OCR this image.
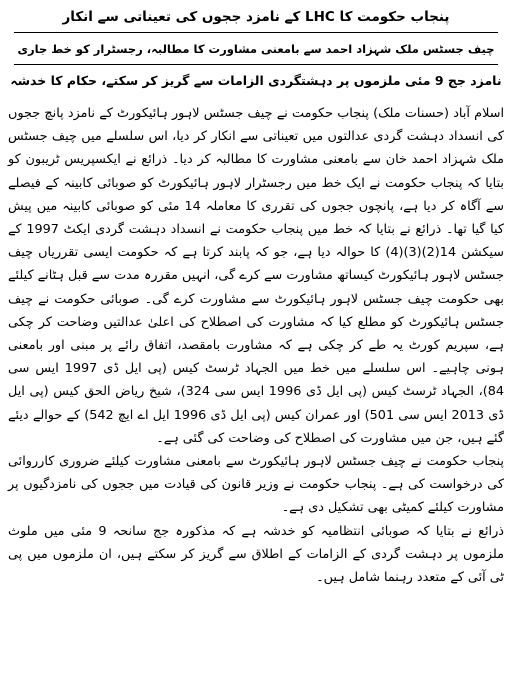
پنجاب حکومت کا LHC کے نامزد ججوں کی تعیناتی سے انکار
چیف جسٹس ملک شہزاد احمد سے بامعنی مشاورت کا مطالبہ، رجسٹرار کو خط جاری
نامزد جج 9 مئی ملزموں پر دہشتگردی الزامات سے گریز کر سکتے، حکام کا خدشہ

اسلام آباد (حسنات ملک) پنجاب حکومت نے چیف جسٹس لاہور ہائیکورٹ کے نامزد پانچ ججوں کی انسداد دہشت گردی عدالتوں میں تعیناتی سے انکار کر دیا، اس سلسلے میں چیف جسٹس ملک شہزاد احمد خان سے بامعنی مشاورت کا مطالبہ کر دیا۔ ذرائع نے ایکسپریس ٹریبون کو بتایا کہ پنجاب حکومت نے ایک خط میں رجسٹرار لاہور ہائیکورٹ کو صوبائی کابینہ کے فیصلے سے آگاہ کر دیا ہے، پانچوں ججوں کی تقرری کا معاملہ 14 مئی کو صوبائی کابینہ میں پیش کیا گیا تھا۔ ذرائع نے بتایا کہ خط میں پنجاب حکومت نے انسداد دہشت گردی ایکٹ 1997 کے سیکشن 14(2)(3)(4) کا حوالہ دیا ہے، جو کہ پابند کرتا ہے کہ حکومت ایسی تقرریاں چیف جسٹس لاہور ہائیکورٹ کیساتھ مشاورت سے کرے گی، انہیں مقررہ مدت سے قبل ہٹانے کیلئے بھی حکومت چیف جسٹس لاہور ہائیکورٹ سے مشاورت کرے گی۔ صوبائی حکومت نے چیف جسٹس ہائیکورٹ کو مطلع کیا کہ مشاورت کی اصطلاح کی اعلیٰ عدالتیں وضاحت کر چکی ہے، سپریم کورٹ یہ طے کر چکی ہے کہ مشاورت بامقصد، اتفاق رائے پر مبنی اور بامعنی ہونی چاہیے۔ اس سلسلے میں خط میں الجہاد ٹرسٹ کیس (پی ایل ڈی 1997 ایس سی 84)، الجہاد ٹرسٹ کیس (پی ایل ڈی 1996 ایس سی 324)، شیخ ریاض الحق کیس (پی ایل ڈی 2013 ایس سی 501) اور عمران کیس (پی ایل ڈی 1996 ایل اے ایچ 542) کے حوالے دیئے گئے ہیں، جن میں مشاورت کی اصطلاح کی وضاحت کی گئی ہے۔

پنجاب حکومت نے چیف جسٹس لاہور ہائیکورٹ سے بامعنی مشاورت کیلئے ضروری کارروائی کی درخواست کی ہے۔ پنجاب حکومت نے وزیر قانون کی قیادت میں ججوں کی نامزدگیوں پر مشاورت کیلئے کمیٹی بھی تشکیل دی ہے۔

ذرائع نے بتایا کہ صوبائی انتظامیہ کو خدشہ ہے کہ مذکورہ جج سانحہ 9 مئی میں ملوث ملزموں پر دہشت گردی کے الزامات کے اطلاق سے گریز کر سکتے ہیں، ان ملزموں میں پی ٹی آئی کے متعدد رہنما شامل ہیں۔
